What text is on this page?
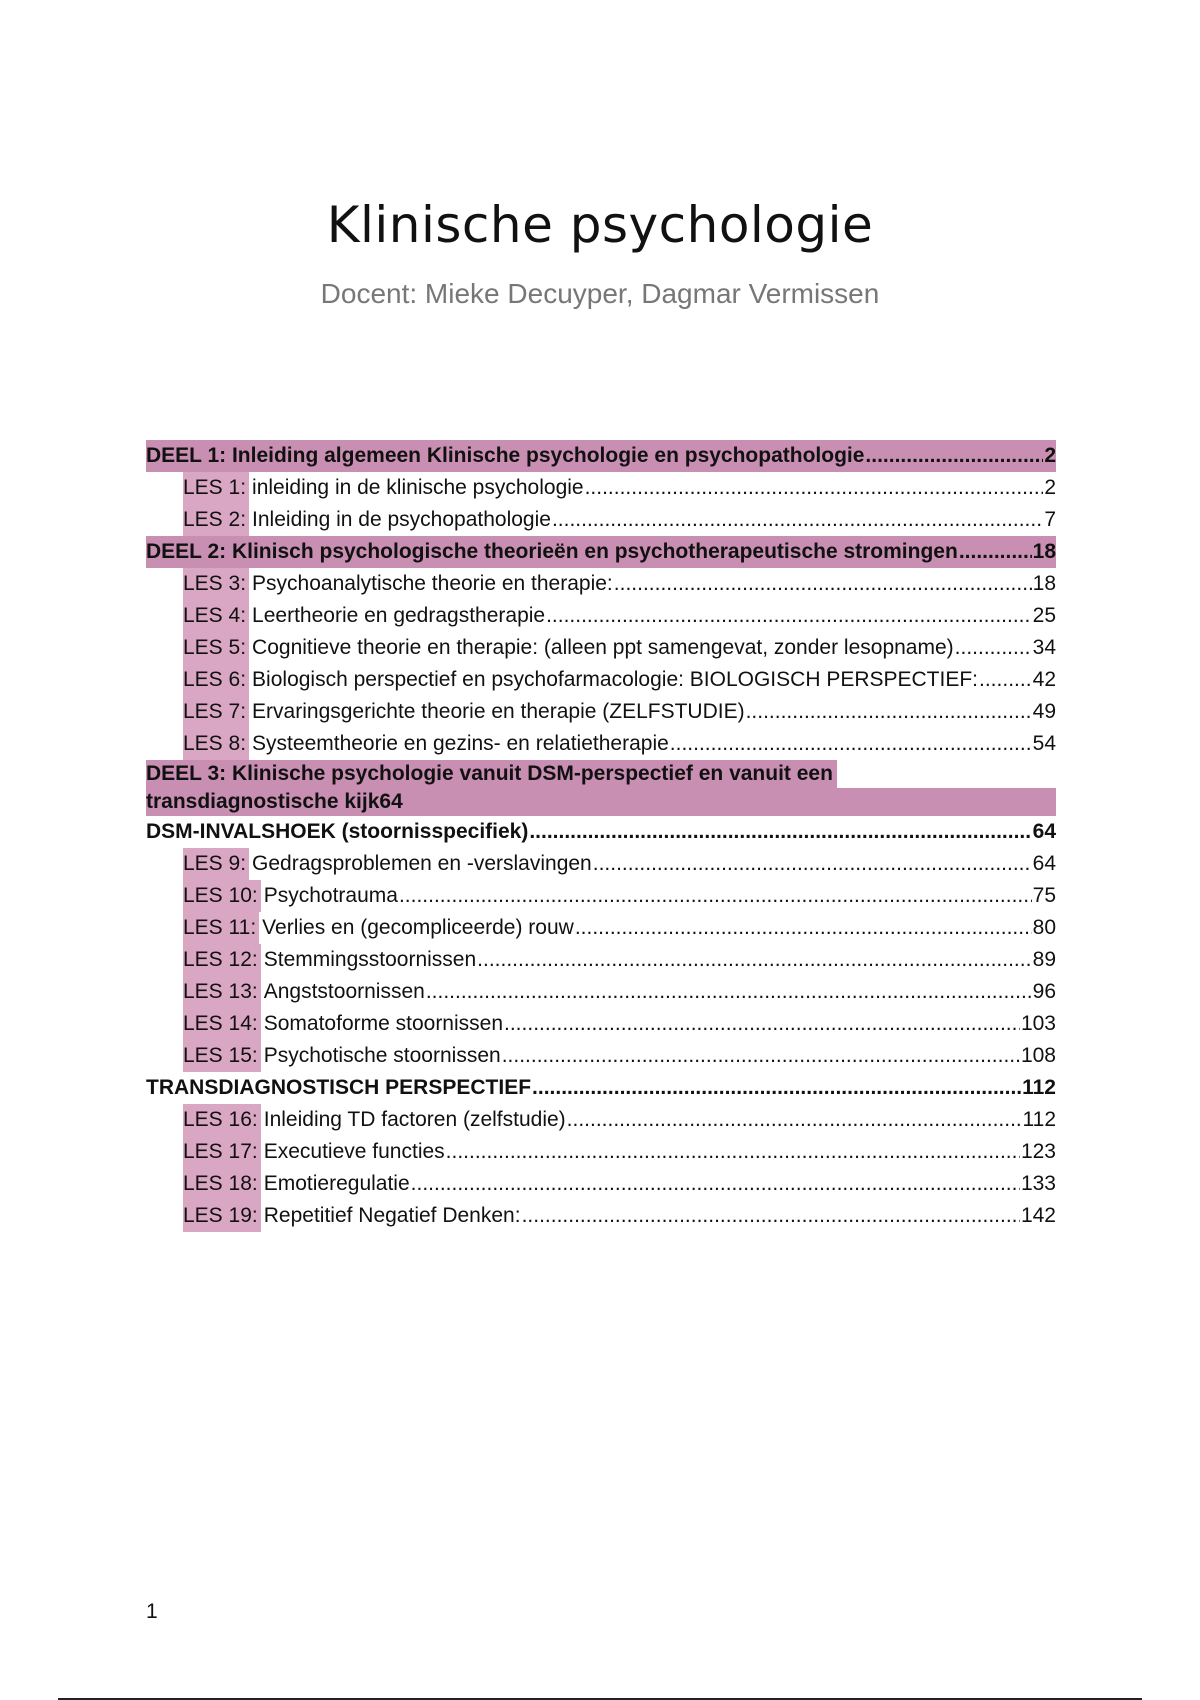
Klinische psychologie
Docent: Mieke Decuyper, Dagmar Vermissen
DEEL 1: Inleiding algemeen Klinische psychologie en psychopathologie .....	2
LES 1: inleiding in de klinische psychologie .....	2
LES 2: Inleiding in de psychopathologie .....	7
DEEL 2: Klinisch psychologische theorieën en psychotherapeutische stromingen .....	18
LES 3: Psychoanalytische theorie en therapie: .....	18
LES 4: Leertheorie en gedragstherapie .....	25
LES 5: Cognitieve theorie en therapie: (alleen ppt samengevat, zonder lesopname) .....	34
LES 6: Biologisch perspectief en psychofarmacologie: BIOLOGISCH PERSPECTIEF: .....	42
LES 7: Ervaringsgerichte theorie en therapie (ZELFSTUDIE) .....	49
LES 8: Systeemtheorie en gezins- en relatietherapie .....	54
DEEL 3: Klinische psychologie vanuit DSM-perspectief en vanuit een
transdiagnostische kijk 64
DSM-INVALSHOEK (stoornisspecifiek) .....	64
LES 9: Gedragsproblemen en -verslavingen .....	64
LES 10: Psychotrauma .....	75
LES 11: Verlies en (gecompliceerde) rouw .....	80
LES 12: Stemmingsstoornissen .....	89
LES 13: Angststoornissen .....	96
LES 14: Somatoforme stoornissen .....	103
LES 15: Psychotische stoornissen .....	108
TRANSDIAGNOSTISCH PERSPECTIEF .....	112
LES 16: Inleiding TD factoren (zelfstudie) .....	112
LES 17: Executieve functies .....	123
LES 18: Emotieregulatie .....	133
LES 19: Repetitief Negatief Denken: .....	142
1
